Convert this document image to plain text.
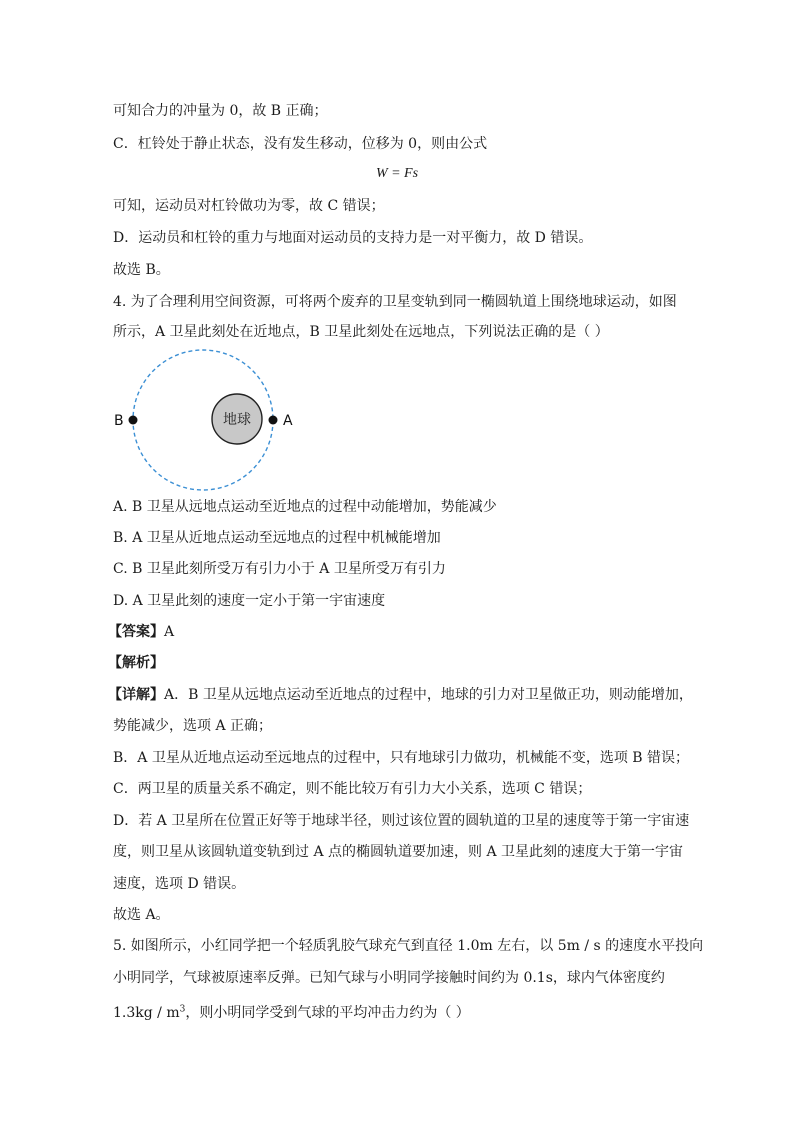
可知合力的冲量为 0，故 B 正确；
C．杠铃处于静止状态，没有发生移动，位移为 0，则由公式
W = Fs
可知，运动员对杠铃做功为零，故 C 错误；
D．运动员和杠铃的重力与地面对运动员的支持力是一对平衡力，故 D 错误。
故选 B。
4. 为了合理利用空间资源，可将两个废弃的卫星变轨到同一椭圆轨道上围绕地球运动，如图
所示，A 卫星此刻处在近地点，B 卫星此刻处在远地点，下列说法正确的是（ ）
地球
B	A
A. B 卫星从远地点运动至近地点的过程中动能增加，势能减少
B. A 卫星从近地点运动至远地点的过程中机械能增加
C. B 卫星此刻所受万有引力小于 A 卫星所受万有引力
D. A 卫星此刻的速度一定小于第一宇宙速度
【答案】A
【解析】
【详解】A．B 卫星从远地点运动至近地点的过程中，地球的引力对卫星做正功，则动能增加，
势能减少，选项 A 正确；
B．A 卫星从近地点运动至远地点的过程中，只有地球引力做功，机械能不变，选项 B 错误；
C．两卫星的质量关系不确定，则不能比较万有引力大小关系，选项 C 错误；
D．若 A 卫星所在位置正好等于地球半径，则过该位置的圆轨道的卫星的速度等于第一宇宙速
度，则卫星从该圆轨道变轨到过 A 点的椭圆轨道要加速，则 A 卫星此刻的速度大于第一宇宙
速度，选项 D 错误。
故选 A。
5. 如图所示，小红同学把一个轻质乳胶气球充气到直径 1.0m 左右，以 5m / s 的速度水平投向
小明同学，气球被原速率反弹。已知气球与小明同学接触时间约为 0.1s，球内气体密度约
$1.3kg / m^3$，则小明同学受到气球的平均冲击力约为（ ）
